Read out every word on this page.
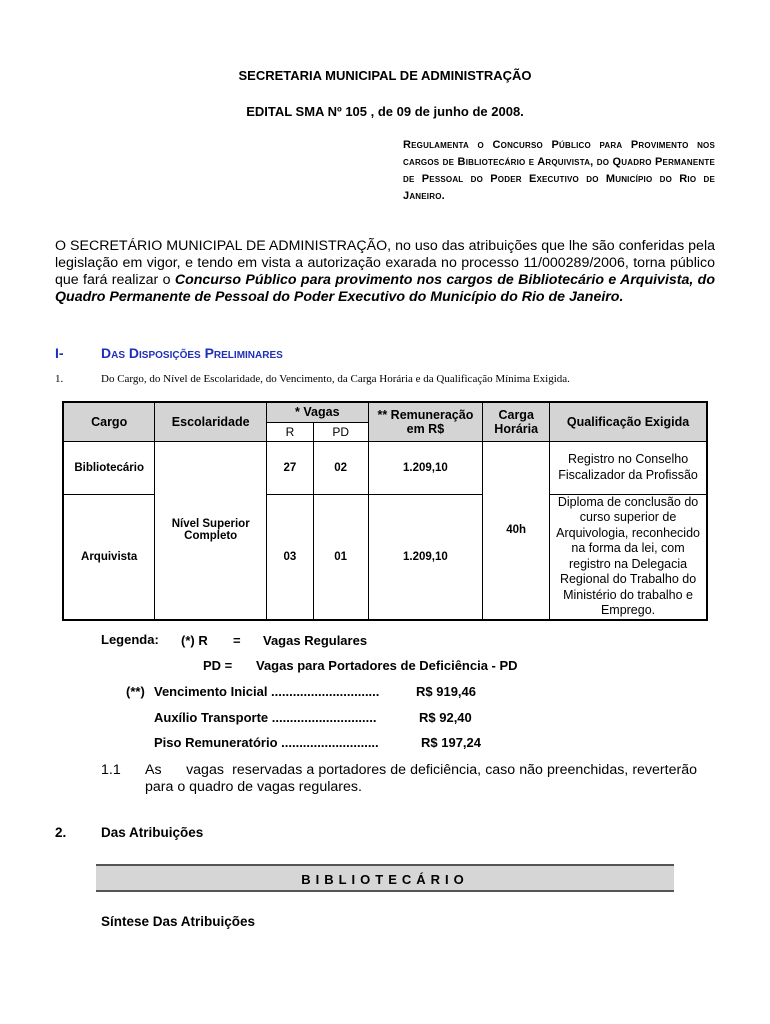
SECRETARIA MUNICIPAL DE ADMINISTRAÇÃO
EDITAL SMA Nº 105 , de 09 de junho de 2008.
Regulamenta o Concurso Público para Provimento nos cargos de Bibliotecário e Arquivista, do Quadro Permanente de Pessoal do Poder Executivo do Município do Rio de Janeiro.
O SECRETÁRIO MUNICIPAL DE ADMINISTRAÇÃO, no uso das atribuições que lhe são conferidas pela legislação em vigor, e tendo em vista a autorização exarada no processo 11/000289/2006, torna público que fará realizar o Concurso Público para provimento nos cargos de Bibliotecário e Arquivista, do Quadro Permanente de Pessoal do Poder Executivo do Município do Rio de Janeiro.
I-	Das Disposições Preliminares
1.	Do Cargo, do Nível de Escolaridade, do Vencimento, da Carga Horária e da Qualificação Mínima Exigida.
Cargo	Escolaridade	* Vagas		** Remuneração em R$	Carga Horária	Qualificação Exigida
		R	PD			
Bibliotecário	Nível Superior Completo	27	02	1.209,10	40h	Registro no Conselho Fiscalizador da Profissão
Arquivista		03	01	1.209,10		Diploma de conclusão do curso superior de Arquivologia, reconhecido na forma da lei, com registro na Delegacia Regional do Trabalho do Ministério do trabalho e Emprego.
Legenda: (*) R = Vagas Regulares
PD = Vagas para Portadores de Deficiência - PD
(**) Vencimento Inicial ..............................	R$ 919,46
Auxílio Transporte .............................	R$ 92,40
Piso Remuneratório ...........................	R$ 197,24
1.1 As      vagas  reservadas a portadores de deficiência, caso não preenchidas, reverterão para o quadro de vagas regulares.
2.	Das Atribuições
BIBLIOTECÁRIO
Síntese Das Atribuições
